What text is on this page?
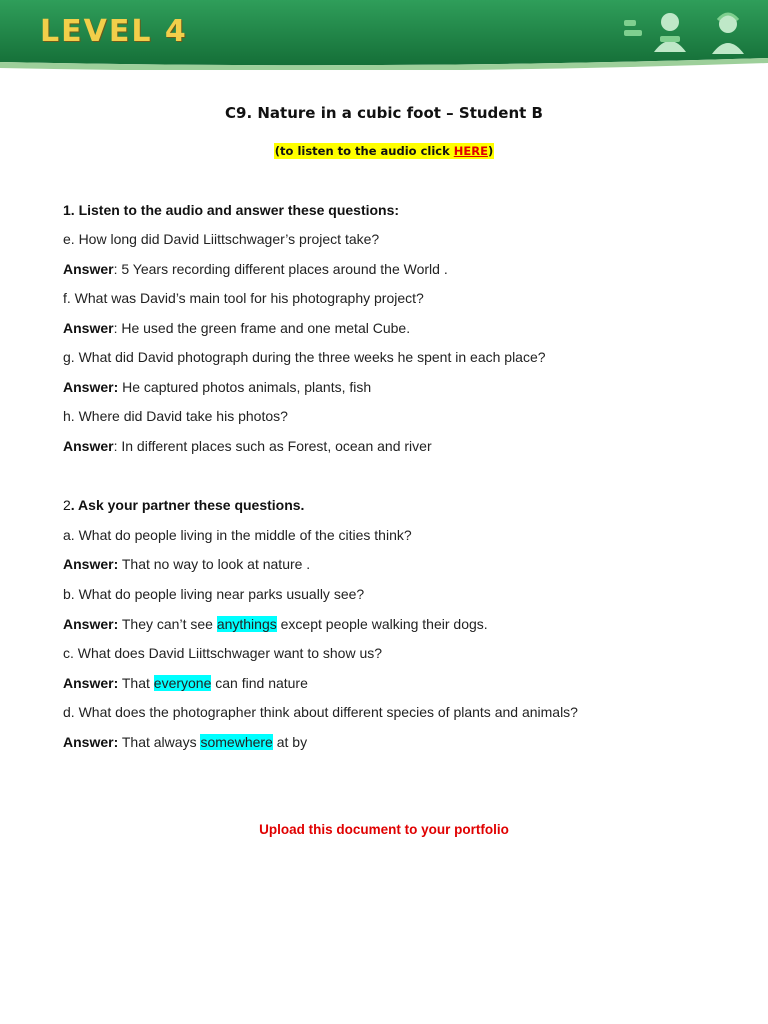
LEVEL 4
C9. Nature in a cubic foot – Student B
(to listen to the audio click HERE)
1. Listen to the audio and answer these questions:
e. How long did David Liittschwager’s project take?
Answer: 5 Years recording different places around the World .
f. What was David’s main tool for his photography project?
Answer: He used the green frame and one metal Cube.
g. What did David photograph during the three weeks he spent in each place?
Answer: He captured photos animals, plants, fish
h. Where did David take his photos?
Answer: In different places such as Forest, ocean and river
2. Ask your partner these questions.
a. What do people living in the middle of the cities think?
Answer: That no way to look at nature .
b. What do people living near parks usually see?
Answer: They can’t see anythings except people walking their dogs.
c. What does David Liittschwager want to show us?
Answer: That everyone can find nature
d. What does the photographer think about different species of plants and animals?
Answer: That always somewhere at by
Upload this document to your portfolio
